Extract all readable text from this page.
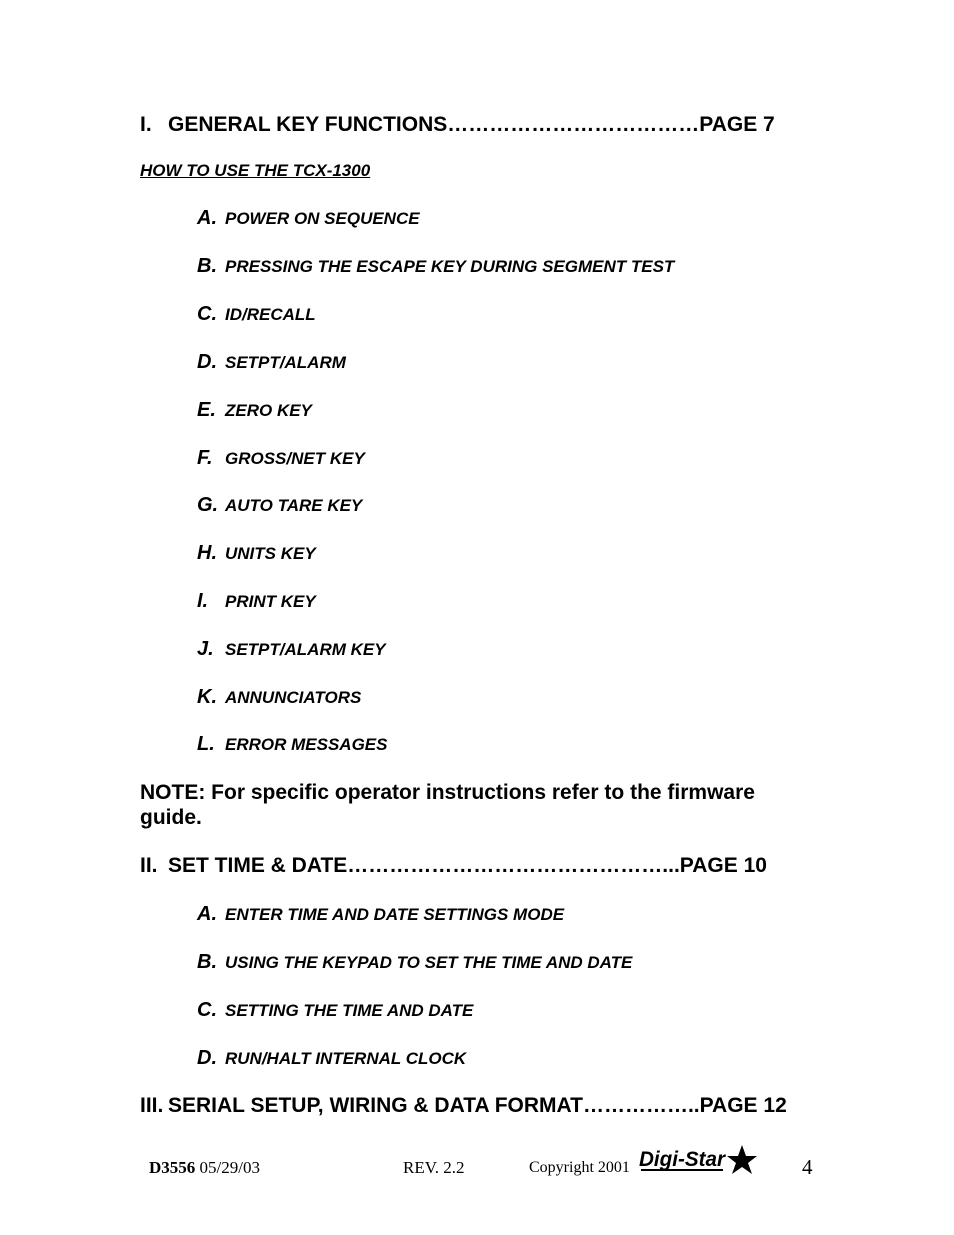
I. GENERAL KEY FUNCTIONS………………………………PAGE 7
HOW TO USE THE TCX-1300
A. POWER ON SEQUENCE
B. PRESSING THE ESCAPE KEY DURING SEGMENT TEST
C. ID/RECALL
D. SETPT/ALARM
E. ZERO KEY
F. GROSS/NET KEY
G. AUTO TARE KEY
H. UNITS KEY
I. PRINT KEY
J. SETPT/ALARM KEY
K. ANNUNCIATORS
L. ERROR MESSAGES
NOTE: For specific operator instructions refer to the firmware guide.
II. SET TIME & DATE………………………………………...PAGE 10
A. ENTER TIME AND DATE SETTINGS MODE
B. USING THE KEYPAD TO SET THE TIME AND DATE
C. SETTING THE TIME AND DATE
D. RUN/HALT INTERNAL CLOCK
III. SERIAL SETUP, WIRING & DATA FORMAT……………..PAGE 12
D3556 05/29/03	REV. 2.2	Copyright 2001 Digi-Star	4
